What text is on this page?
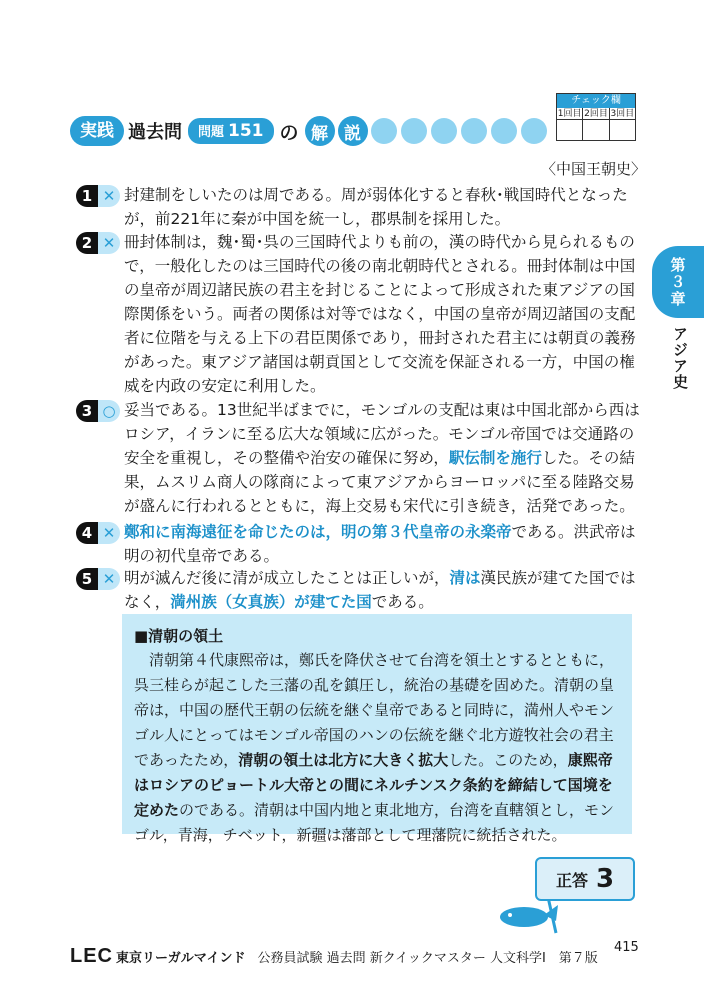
実践 過去問	問題 151 の 解 説
チェック欄
1回目 2回目 3回目
〈中国王朝史〉
第３章
アジア史
1 ✕ 封建制をしいたのは周である。周が弱体化すると春秋･戦国時代となったが，前221年に秦が中国を統一し，郡県制を採用した。
2 ✕ 冊封体制は，魏･蜀･呉の三国時代よりも前の，漢の時代から見られるもので，一般化したのは三国時代の後の南北朝時代とされる。冊封体制は中国の皇帝が周辺諸民族の君主を封じることによって形成された東アジアの国際関係をいう。両者の関係は対等ではなく，中国の皇帝が周辺諸国の支配者に位階を与える上下の君臣関係であり，冊封された君主には朝貢の義務があった。東アジア諸国は朝貢国として交流を保証される一方，中国の権威を内政の安定に利用した。
3 ○ 妥当である。13世紀半ばまでに，モンゴルの支配は東は中国北部から西はロシア，イランに至る広大な領域に広がった。モンゴル帝国では交通路の安全を重視し，その整備や治安の確保に努め，駅伝制を施行した。その結果，ムスリム商人の隊商によって東アジアからヨーロッパに至る陸路交易が盛んに行われるとともに，海上交易も宋代に引き続き，活発であった。
4 ✕ 鄭和に南海遠征を命じたのは，明の第３代皇帝の永楽帝である。洪武帝は明の初代皇帝である。
5 ✕ 明が滅んだ後に清が成立したことは正しいが，清は漢民族が建てた国ではなく，満州族（女真族）が建てた国である。
■清朝の領土
清朝第４代康熙帝は，鄭氏を降伏させて台湾を領土とするとともに，呉三桂らが起こした三藩の乱を鎮圧し，統治の基礎を固めた。清朝の皇帝は，中国の歴代王朝の伝統を継ぐ皇帝であると同時に，満州人やモンゴル人にとってはモンゴル帝国のハンの伝統を継ぐ北方遊牧社会の君主であったため，清朝の領土は北方に大きく拡大した。このため，康熙帝はロシアのピョートル大帝との間にネルチンスク条約を締結して国境を定めたのである。清朝は中国内地と東北地方，台湾を直轄領とし，モンゴル，青海，チベット，新疆は藩部として理藩院に統括された。
正答 3
LEC 東京リーガルマインド 公務員試験 過去問 新クイックマスター 人文科学Ⅰ　第７版
415
